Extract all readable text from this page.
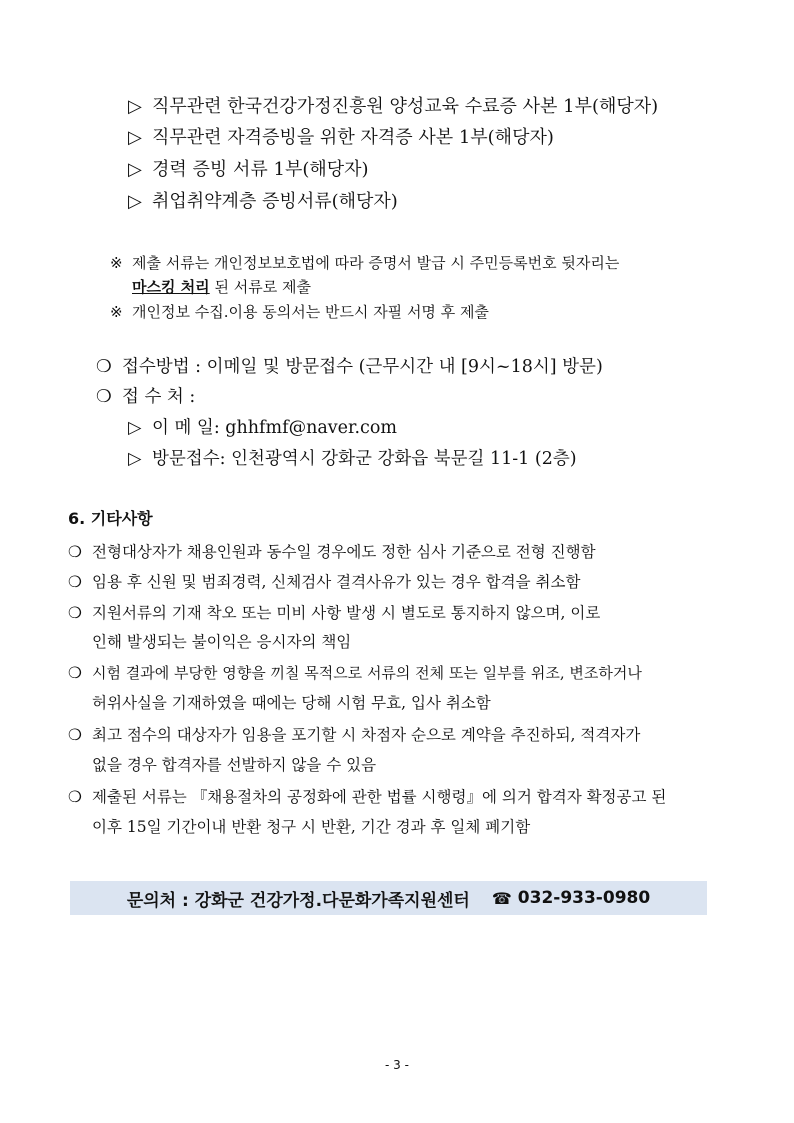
▷ 직무관련 한국건강가정진흥원 양성교육 수료증 사본 1부(해당자)
▷ 직무관련 자격증빙을 위한 자격증 사본 1부(해당자)
▷ 경력 증빙 서류 1부(해당자)
▷ 취업취약계층 증빙서류(해당자)
※ 제출 서류는 개인정보보호법에 따라 증명서 발급 시 주민등록번호 뒷자리는
마스킹 처리 된 서류로 제출
※ 개인정보 수집.이용 동의서는 반드시 자필 서명 후 제출
❍ 접수방법 : 이메일 및 방문접수 (근무시간 내 [9시~18시] 방문)
❍ 접 수 처 :
▷ 이 메 일: ghhfmf@naver.com
▷ 방문접수: 인천광역시 강화군 강화읍 북문길 11-1 (2층)
6. 기타사항
❍ 전형대상자가 채용인원과 동수일 경우에도 정한 심사 기준으로 전형 진행함
❍ 임용 후 신원 및 범죄경력, 신체검사 결격사유가 있는 경우 합격을 취소함
❍ 지원서류의 기재 착오 또는 미비 사항 발생 시 별도로 통지하지 않으며, 이로
인해 발생되는 불이익은 응시자의 책임
❍ 시험 결과에 부당한 영향을 끼칠 목적으로 서류의 전체 또는 일부를 위조, 변조하거나
허위사실을 기재하였을 때에는 당해 시험 무효, 입사 취소함
❍ 최고 점수의 대상자가 임용을 포기할 시 차점자 순으로 계약을 추진하되, 적격자가
없을 경우 합격자를 선발하지 않을 수 있음
❍ 제출된 서류는 『채용절차의 공정화에 관한 법률 시행령』에 의거 합격자 확정공고 된
이후 15일 기간이내 반환 청구 시 반환, 기간 경과 후 일체 폐기함
문의처 : 강화군 건강가정.다문화가족지원센터 ☎ 032-933-0980
- 3 -
